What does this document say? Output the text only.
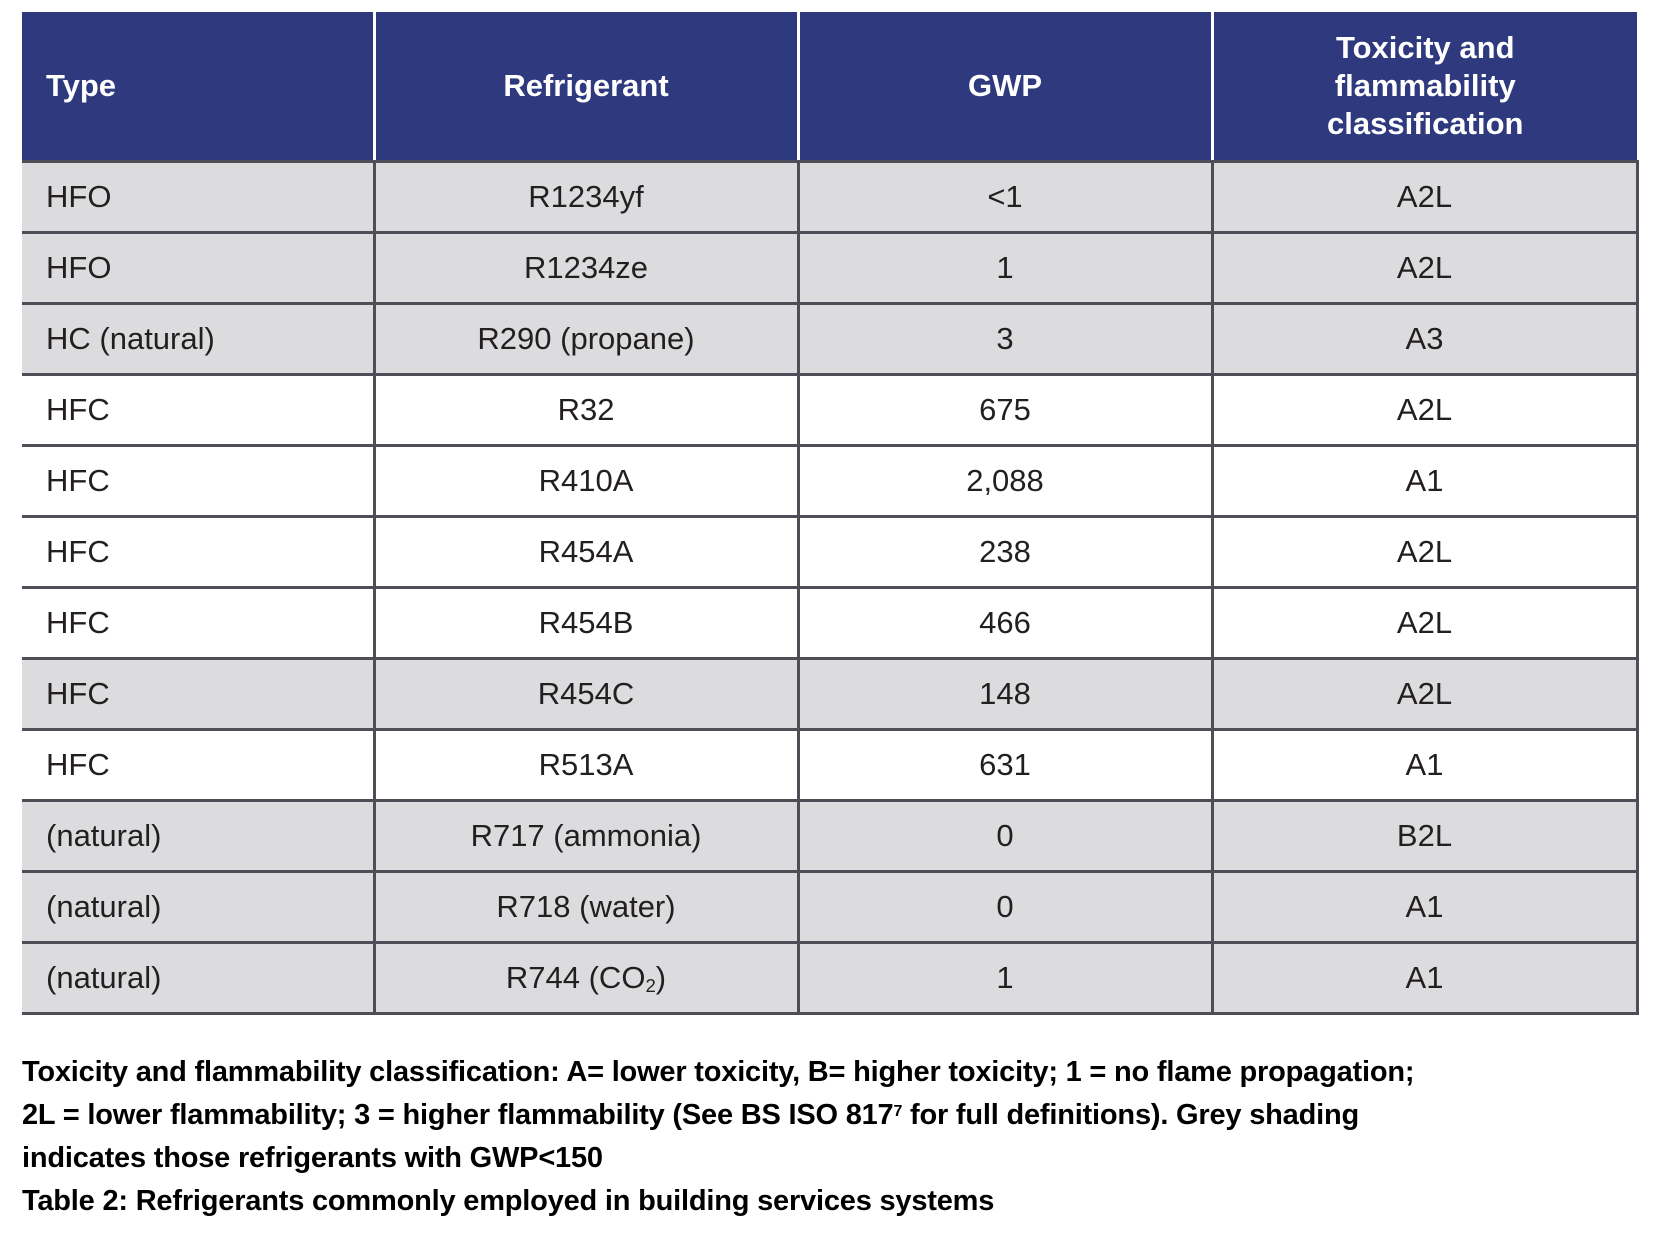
Type	Refrigerant	GWP	Toxicity and flammability classification
HFO	R1234yf	<1	A2L
HFO	R1234ze	1	A2L
HC (natural)	R290 (propane)	3	A3
HFC	R32	675	A2L
HFC	R410A	2,088	A1
HFC	R454A	238	A2L
HFC	R454B	466	A2L
HFC	R454C	148	A2L
HFC	R513A	631	A1
(natural)	R717 (ammonia)	0	B2L
(natural)	R718 (water)	0	A1
(natural)	R744 $(CO_2)$	1	A1
Toxicity and flammability classification: A= lower toxicity, B= higher toxicity; 1 = no flame propagation;
2L = lower flammability; 3 = higher flammability (See BS ISO $817^7$ for full definitions). Grey shading
indicates those refrigerants with GWP<150
Table 2: Refrigerants commonly employed in building services systems
